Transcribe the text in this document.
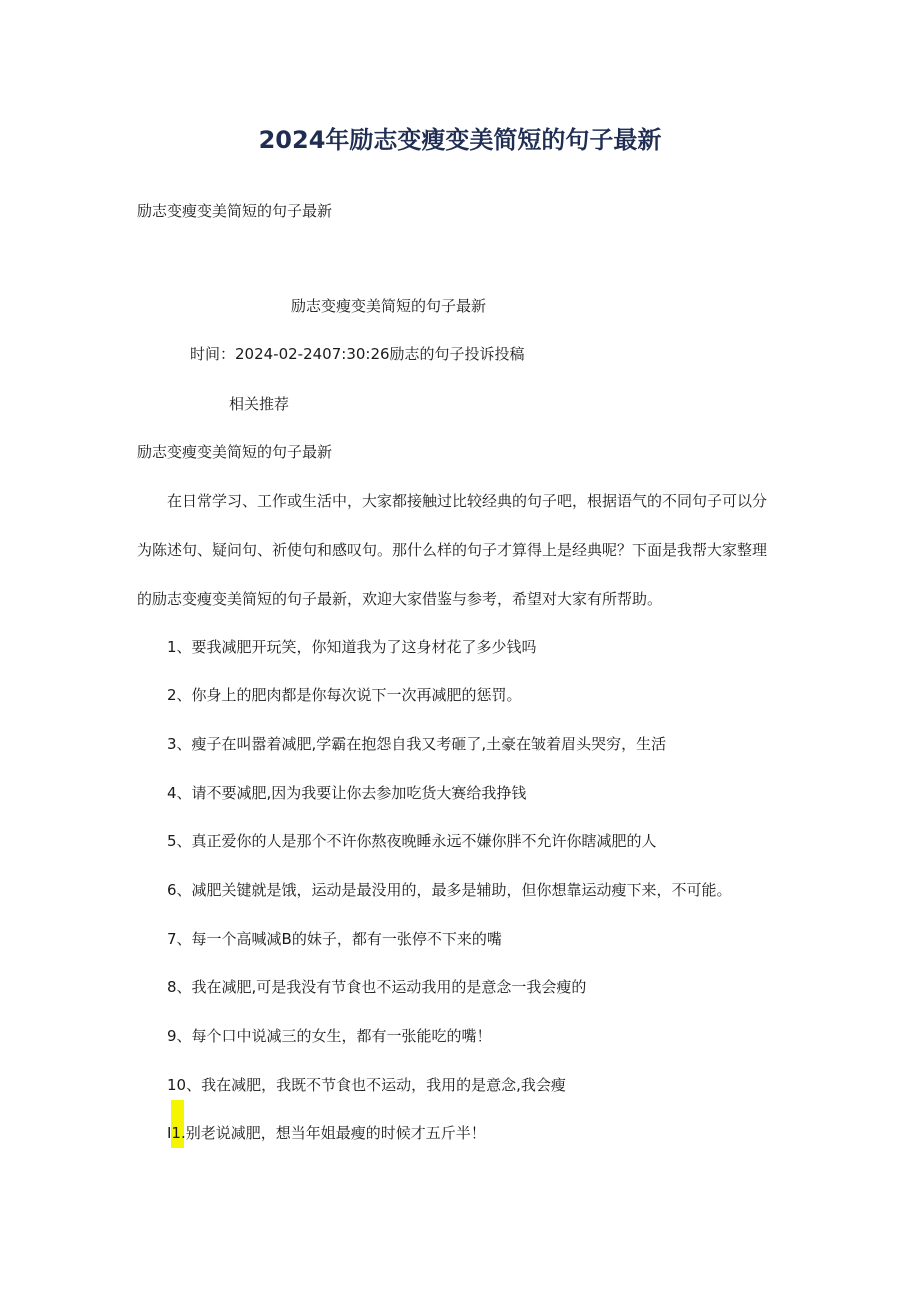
2024年励志变瘦变美简短的句子最新
励志变瘦变美简短的句子最新
励志变瘦变美简短的句子最新
时间：2024-02-2407:30:26励志的句子投诉投稿
相关推荐
励志变瘦变美简短的句子最新
在日常学习、工作或生活中，大家都接触过比较经典的句子吧，根据语气的不同句子可以分
为陈述句、疑问句、祈使句和感叹句。那什么样的句子才算得上是经典呢？下面是我帮大家整理
的励志变瘦变美简短的句子最新，欢迎大家借鉴与参考，希望对大家有所帮助。
1、要我减肥开玩笑，你知道我为了这身材花了多少钱吗
2、你身上的肥肉都是你每次说下一次再减肥的惩罚。
3、瘦子在叫嚣着减肥,学霸在抱怨自我又考砸了,土豪在皱着眉头哭穷，生活
4、请不要减肥,因为我要让你去参加吃货大赛给我挣钱
5、真正爱你的人是那个不许你熬夜晚睡永远不嫌你胖不允许你瞎减肥的人
6、减肥关键就是饿，运动是最没用的，最多是辅助，但你想靠运动瘦下来，不可能。
7、每一个高喊减B的妹子，都有一张停不下来的嘴
8、我在减肥,可是我没有节食也不运动我用的是意念一我会瘦的
9、每个口中说减三的女生，都有一张能吃的嘴！
10、我在减肥，我既不节食也不运动，我用的是意念,我会瘦
I1.别老说减肥，想当年姐最瘦的时候才五斤半！
